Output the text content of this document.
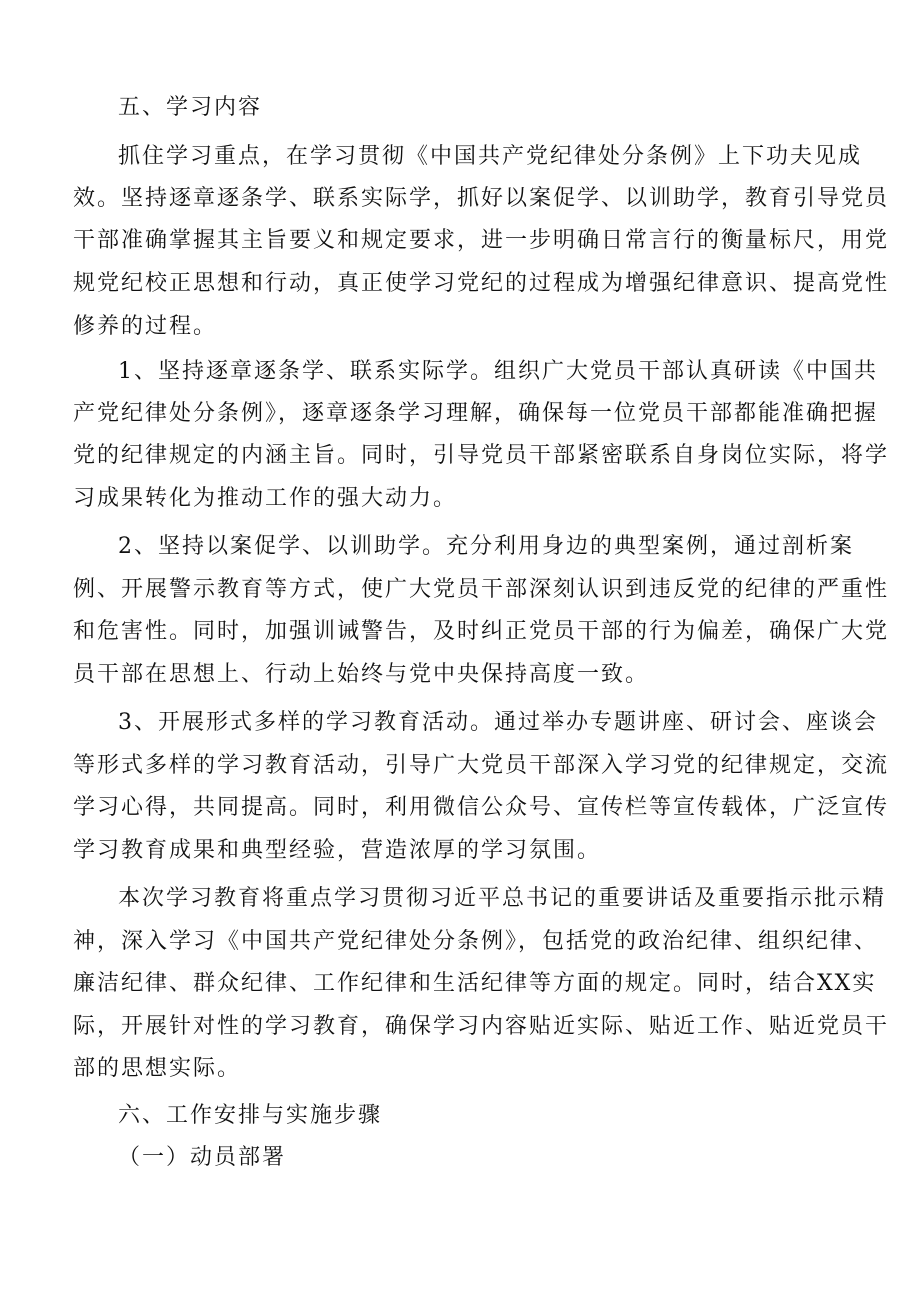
五、学习内容
抓住学习重点，在学习贯彻《中国共产党纪律处分条例》上下功夫见成
效。坚持逐章逐条学、联系实际学，抓好以案促学、以训助学，教育引导党员
干部准确掌握其主旨要义和规定要求，进一步明确日常言行的衡量标尺，用党
规党纪校正思想和行动，真正使学习党纪的过程成为增强纪律意识、提高党性
修养的过程。
1、坚持逐章逐条学、联系实际学。组织广大党员干部认真研读《中国共
产党纪律处分条例》，逐章逐条学习理解，确保每一位党员干部都能准确把握
党的纪律规定的内涵主旨。同时，引导党员干部紧密联系自身岗位实际，将学
习成果转化为推动工作的强大动力。
2、坚持以案促学、以训助学。充分利用身边的典型案例，通过剖析案
例、开展警示教育等方式，使广大党员干部深刻认识到违反党的纪律的严重性
和危害性。同时，加强训诫警告，及时纠正党员干部的行为偏差，确保广大党
员干部在思想上、行动上始终与党中央保持高度一致。
3、开展形式多样的学习教育活动。通过举办专题讲座、研讨会、座谈会
等形式多样的学习教育活动，引导广大党员干部深入学习党的纪律规定，交流
学习心得，共同提高。同时，利用微信公众号、宣传栏等宣传载体，广泛宣传
学习教育成果和典型经验，营造浓厚的学习氛围。
本次学习教育将重点学习贯彻习近平总书记的重要讲话及重要指示批示精
神，深入学习《中国共产党纪律处分条例》，包括党的政治纪律、组织纪律、
廉洁纪律、群众纪律、工作纪律和生活纪律等方面的规定。同时，结合XX实
际，开展针对性的学习教育，确保学习内容贴近实际、贴近工作、贴近党员干
部的思想实际。
六、工作安排与实施步骤
（一）动员部署
